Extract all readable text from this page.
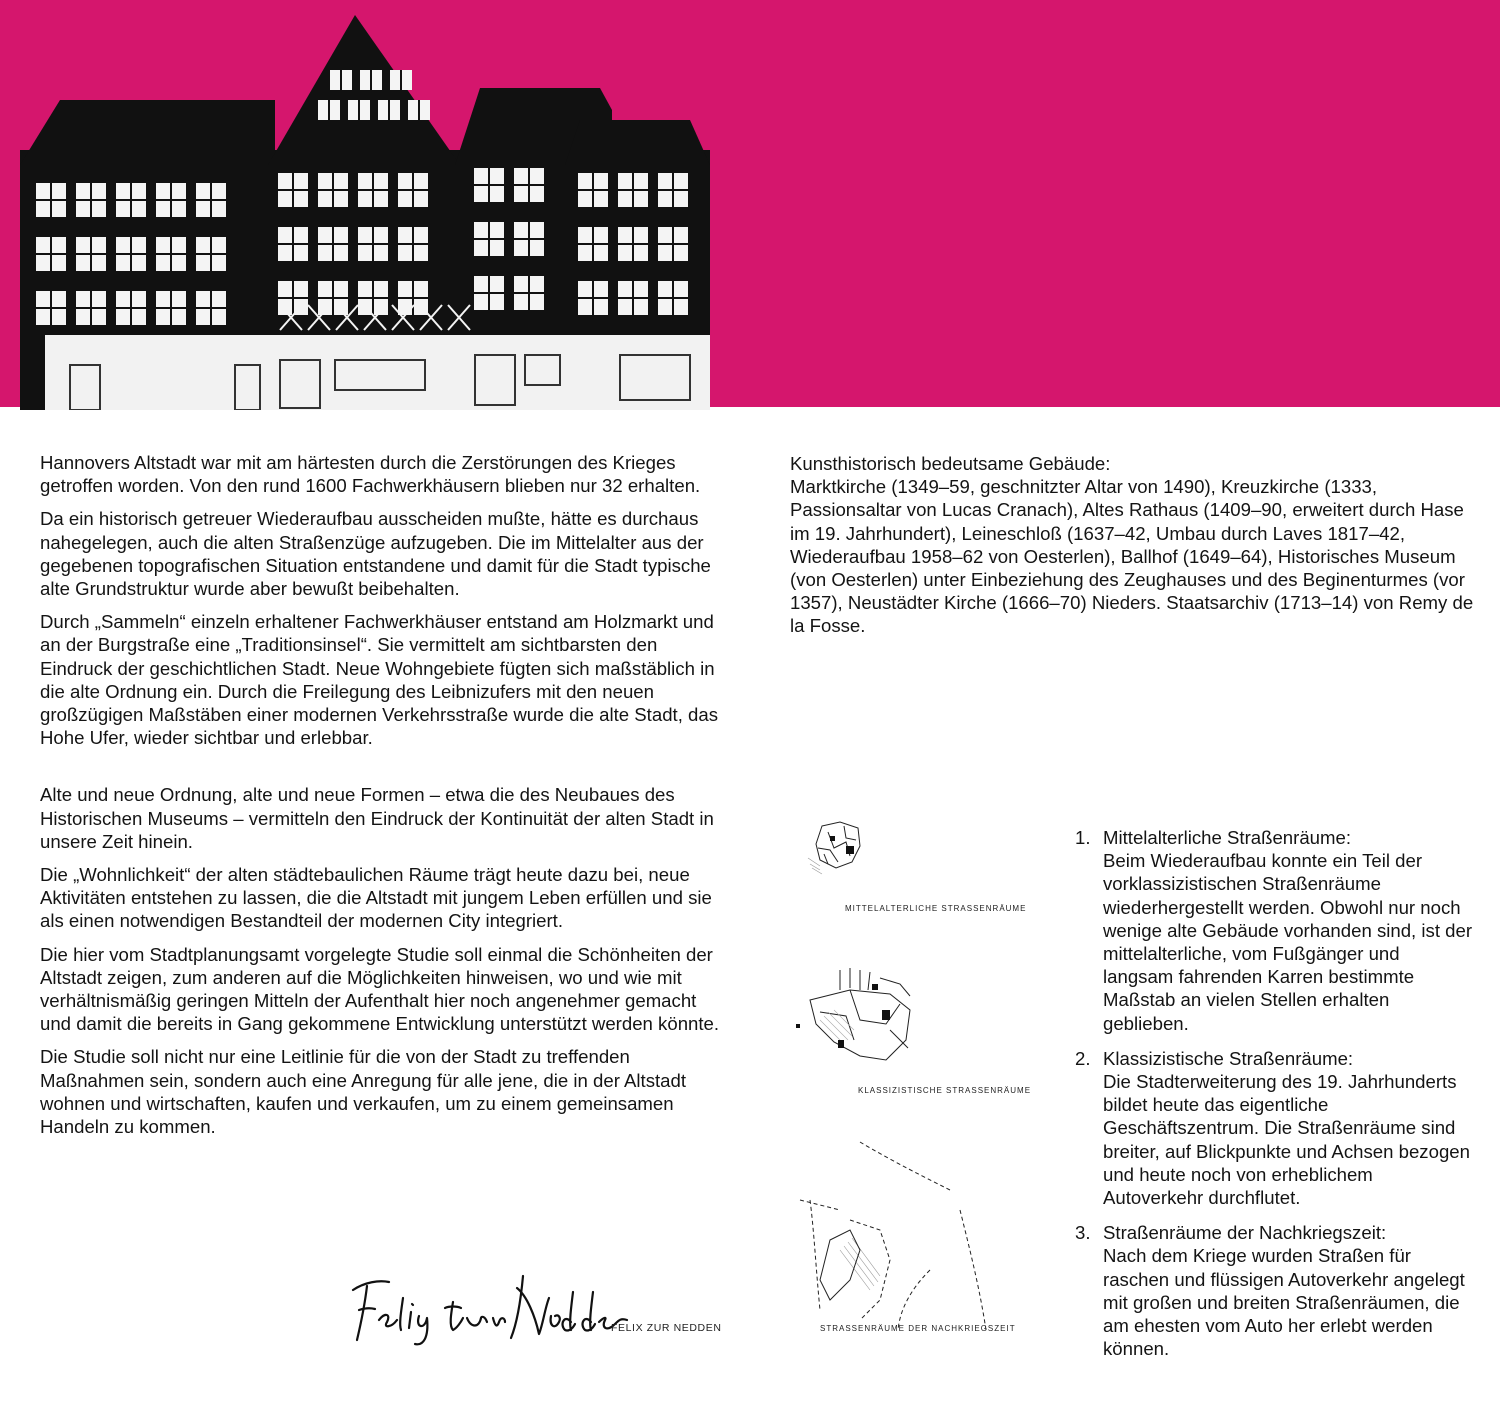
Hannovers Altstadt war mit am härtesten durch die Zerstörungen des Krieges getroffen worden. Von den rund 1600 Fachwerkhäusern blieben nur 32 erhalten.

Da ein historisch getreuer Wiederaufbau ausscheiden mußte, hätte es durchaus nahegelegen, auch die alten Straßenzüge aufzugeben. Die im Mittelalter aus der gegebenen topografischen Situation entstandene und damit für die Stadt typische alte Grundstruktur wurde aber bewußt beibehalten.

Durch „Sammeln“ einzeln erhaltener Fachwerkhäuser entstand am Holzmarkt und an der Burgstraße eine „Traditionsinsel“. Sie vermittelt am sichtbarsten den Eindruck der geschichtlichen Stadt. Neue Wohngebiete fügten sich maßstäblich in die alte Ordnung ein. Durch die Freilegung des Leibnizufers mit den neuen großzügigen Maßstäben einer modernen Verkehrsstraße wurde die alte Stadt, das Hohe Ufer, wieder sichtbar und erlebbar.

Alte und neue Ordnung, alte und neue Formen – etwa die des Neubaues des Historischen Museums – vermitteln den Eindruck der Kontinuität der alten Stadt in unsere Zeit hinein.

Die „Wohnlichkeit“ der alten städtebaulichen Räume trägt heute dazu bei, neue Aktivitäten entstehen zu lassen, die die Altstadt mit jungem Leben erfüllen und sie als einen notwendigen Bestandteil der modernen City integriert.

Die hier vom Stadtplanungsamt vorgelegte Studie soll einmal die Schönheiten der Altstadt zeigen, zum anderen auf die Möglichkeiten hinweisen, wo und wie mit verhältnismäßig geringen Mitteln der Aufenthalt hier noch angenehmer gemacht und damit die bereits in Gang gekommene Entwicklung unterstützt werden könnte.

Die Studie soll nicht nur eine Leitlinie für die von der Stadt zu treffenden Maßnahmen sein, sondern auch eine Anregung für alle jene, die in der Altstadt wohnen und wirtschaften, kaufen und verkaufen, um zu einem gemeinsamen Handeln zu kommen.

FELIX ZUR NEDDEN
Kunsthistorisch bedeutsame Gebäude:
Marktkirche (1349–59, geschnitzter Altar von 1490), Kreuzkirche (1333, Passionsaltar von Lucas Cranach), Altes Rathaus (1409–90, erweitert durch Hase im 19. Jahrhundert), Leineschloß (1637–42, Umbau durch Laves 1817–42, Wiederaufbau 1958–62 von Oesterlen), Ballhof (1649–64), Historisches Museum (von Oesterlen) unter Einbeziehung des Zeughauses und des Beginenturmes (vor 1357), Neustädter Kirche (1666–70) Nieders. Staatsarchiv (1713–14) von Remy de la Fosse.
MITTELALTERLICHE STRASSENRÄUME
KLASSIZISTISCHE STRASSENRÄUME
STRASSENRÄUME DER NACHKRIEGSZEIT
1. Mittelalterliche Straßenräume:
Beim Wiederaufbau konnte ein Teil der vorklassizistischen Straßenräume wiederhergestellt werden. Obwohl nur noch wenige alte Gebäude vorhanden sind, ist der mittelalterliche, vom Fußgänger und langsam fahrenden Karren bestimmte Maßstab an vielen Stellen erhalten geblieben.
2. Klassizistische Straßenräume:
Die Stadterweiterung des 19. Jahrhunderts bildet heute das eigentliche Geschäftszentrum. Die Straßenräume sind breiter, auf Blickpunkte und Achsen bezogen und heute noch von erheblichem Autoverkehr durchflutet.
3. Straßenräume der Nachkriegszeit:
Nach dem Kriege wurden Straßen für raschen und flüssigen Autoverkehr angelegt mit großen und breiten Straßenräumen, die am ehesten vom Auto her erlebt werden können.
